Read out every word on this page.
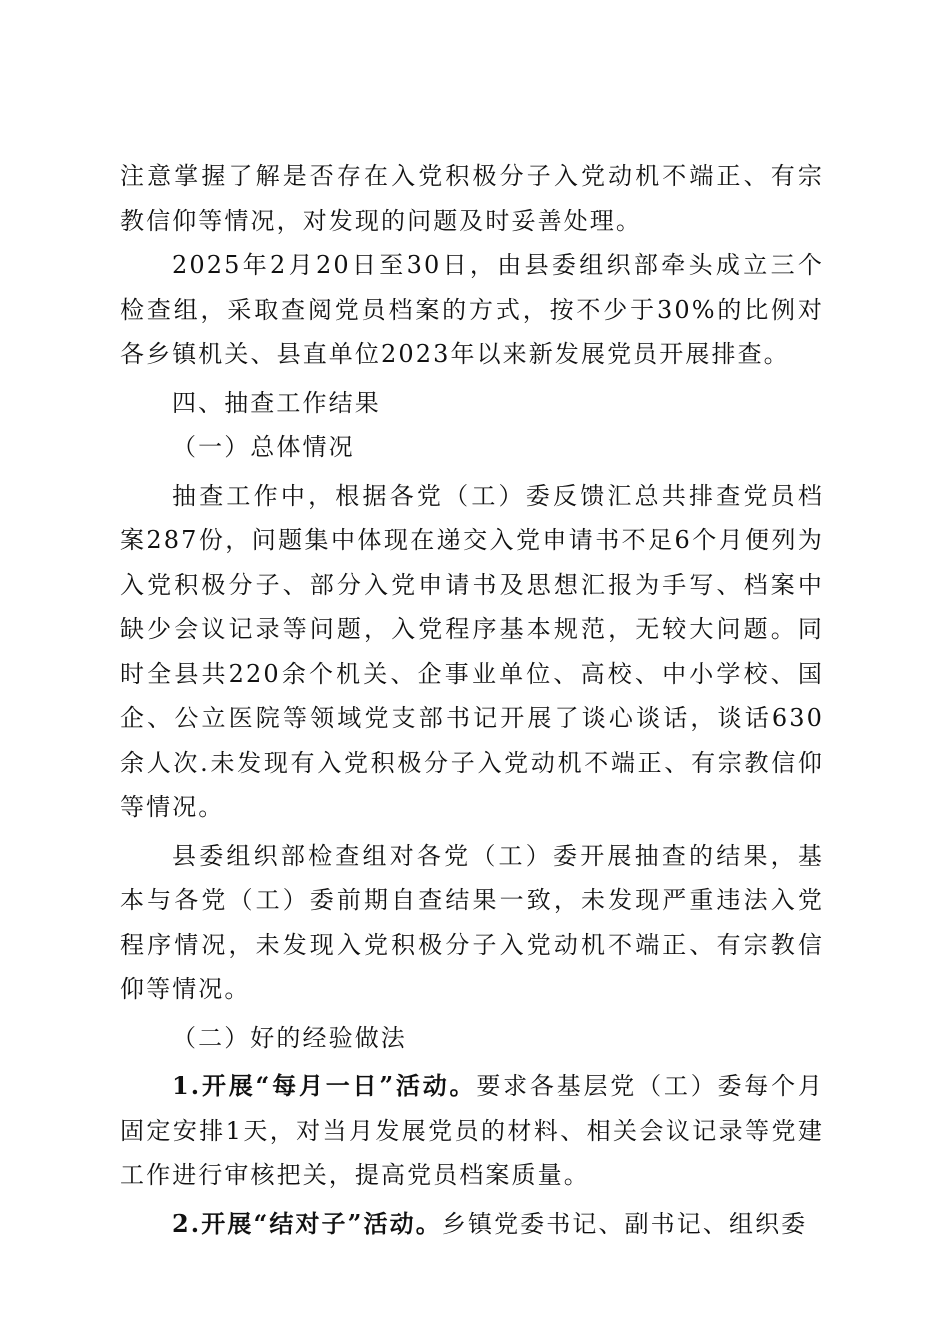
注意掌握了解是否存在入党积极分子入党动机不端正、有宗教信仰等情况，对发现的问题及时妥善处理。

2025年2月20日至30日，由县委组织部牵头成立三个检查组，采取查阅党员档案的方式，按不少于30%的比例对各乡镇机关、县直单位2023年以来新发展党员开展排查。

四、抽查工作结果

（一）总体情况

抽查工作中，根据各党（工）委反馈汇总共排查党员档案287份，问题集中体现在递交入党申请书不足6个月便列为入党积极分子、部分入党申请书及思想汇报为手写、档案中缺少会议记录等问题，入党程序基本规范，无较大问题。同时全县共220余个机关、企事业单位、高校、中小学校、国企、公立医院等领域党支部书记开展了谈心谈话，谈话630余人次.未发现有入党积极分子入党动机不端正、有宗教信仰等情况。

县委组织部检查组对各党（工）委开展抽查的结果，基本与各党（工）委前期自查结果一致，未发现严重违法入党程序情况，未发现入党积极分子入党动机不端正、有宗教信仰等情况。

（二）好的经验做法

1.开展“每月一日”活动。要求各基层党（工）委每个月固定安排1天，对当月发展党员的材料、相关会议记录等党建工作进行审核把关，提高党员档案质量。

2.开展“结对子”活动。乡镇党委书记、副书记、组织委
